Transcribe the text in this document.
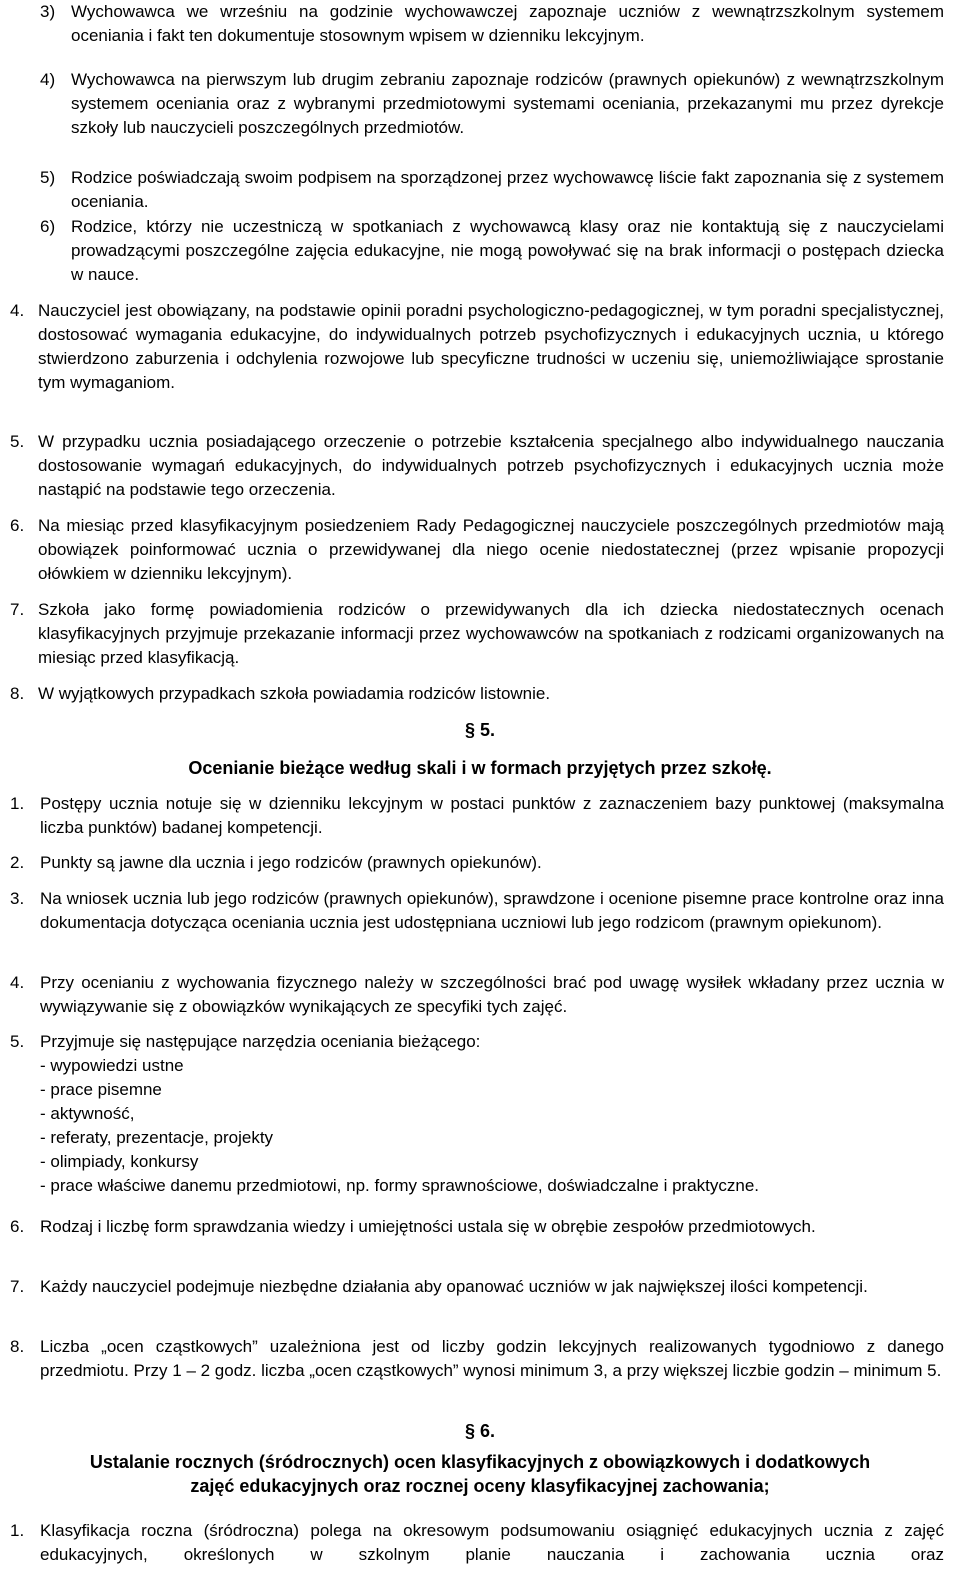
3) Wychowawca we wrześniu na godzinie wychowawczej zapoznaje uczniów z wewnątrzszkolnym systemem oceniania i fakt ten dokumentuje stosownym wpisem w dzienniku lekcyjnym.
4) Wychowawca na pierwszym lub drugim zebraniu zapoznaje rodziców (prawnych opiekunów) z wewnątrzszkolnym systemem oceniania oraz z wybranymi przedmiotowymi systemami oceniania, przekazanymi mu przez dyrekcje szkoły lub nauczycieli poszczególnych przedmiotów.
5) Rodzice poświadczają swoim podpisem na sporządzonej przez wychowawcę liście fakt zapoznania się z systemem oceniania.
6) Rodzice, którzy nie uczestniczą w spotkaniach z wychowawcą klasy oraz nie kontaktują się z nauczycielami prowadzącymi poszczególne zajęcia edukacyjne, nie mogą powoływać się na brak informacji o postępach dziecka w nauce.
4. Nauczyciel jest obowiązany, na podstawie opinii poradni psychologiczno-pedagogicznej, w tym poradni specjalistycznej, dostosować wymagania edukacyjne, do indywidualnych potrzeb psychofizycznych i edukacyjnych ucznia, u którego stwierdzono zaburzenia i odchylenia rozwojowe lub specyficzne trudności w uczeniu się, uniemożliwiające sprostanie tym wymaganiom.
5. W przypadku ucznia posiadającego orzeczenie o potrzebie kształcenia specjalnego albo indywidualnego nauczania dostosowanie wymagań edukacyjnych, do indywidualnych potrzeb psychofizycznych i edukacyjnych ucznia może nastąpić na podstawie tego orzeczenia.
6. Na miesiąc przed klasyfikacyjnym posiedzeniem Rady Pedagogicznej nauczyciele poszczególnych przedmiotów mają obowiązek poinformować ucznia o przewidywanej dla niego ocenie niedostatecznej (przez wpisanie propozycji ołówkiem w dzienniku lekcyjnym).
7. Szkoła jako formę powiadomienia rodziców o przewidywanych dla ich dziecka niedostatecznych ocenach klasyfikacyjnych przyjmuje przekazanie informacji przez wychowawców na spotkaniach z rodzicami organizowanych na miesiąc przed klasyfikacją.
8. W wyjątkowych przypadkach szkoła powiadamia rodziców listownie.
§ 5.
Ocenianie bieżące według skali i w formach przyjętych przez szkołę.
1. Postępy ucznia notuje się w dzienniku lekcyjnym w postaci punktów z zaznaczeniem bazy punktowej (maksymalna liczba punktów) badanej kompetencji.
2. Punkty są jawne dla ucznia i jego rodziców (prawnych opiekunów).
3. Na wniosek ucznia lub jego rodziców (prawnych opiekunów), sprawdzone i ocenione pisemne prace kontrolne oraz inna dokumentacja dotycząca oceniania ucznia jest udostępniana uczniowi lub jego rodzicom (prawnym opiekunom).
4. Przy ocenianiu z wychowania fizycznego należy w szczególności brać pod uwagę wysiłek wkładany przez ucznia w wywiązywanie się z obowiązków wynikających ze specyfiki tych zajęć.
5. Przyjmuje się następujące narzędzia oceniania bieżącego:
- wypowiedzi ustne
- prace pisemne
- aktywność,
- referaty, prezentacje, projekty
- olimpiady, konkursy
- prace właściwe danemu przedmiotowi, np. formy sprawnościowe, doświadczalne i praktyczne.
6. Rodzaj i liczbę form sprawdzania wiedzy i umiejętności ustala się w obrębie zespołów przedmiotowych.
7. Każdy nauczyciel podejmuje niezbędne działania aby opanować uczniów w jak największej ilości kompetencji.
8. Liczba „ocen cząstkowych” uzależniona jest od liczby godzin lekcyjnych realizowanych tygodniowo z danego przedmiotu. Przy 1 – 2 godz. liczba „ocen cząstkowych” wynosi minimum 3, a przy większej liczbie godzin – minimum 5.
§ 6.
Ustalanie rocznych (śródrocznych) ocen klasyfikacyjnych z obowiązkowych i dodatkowych
zajęć edukacyjnych oraz rocznej oceny klasyfikacyjnej zachowania;
1. Klasyfikacja roczna (śródroczna) polega na okresowym podsumowaniu osiągnięć edukacyjnych ucznia z zajęć edukacyjnych, określonych w szkolnym planie nauczania i zachowania ucznia oraz
